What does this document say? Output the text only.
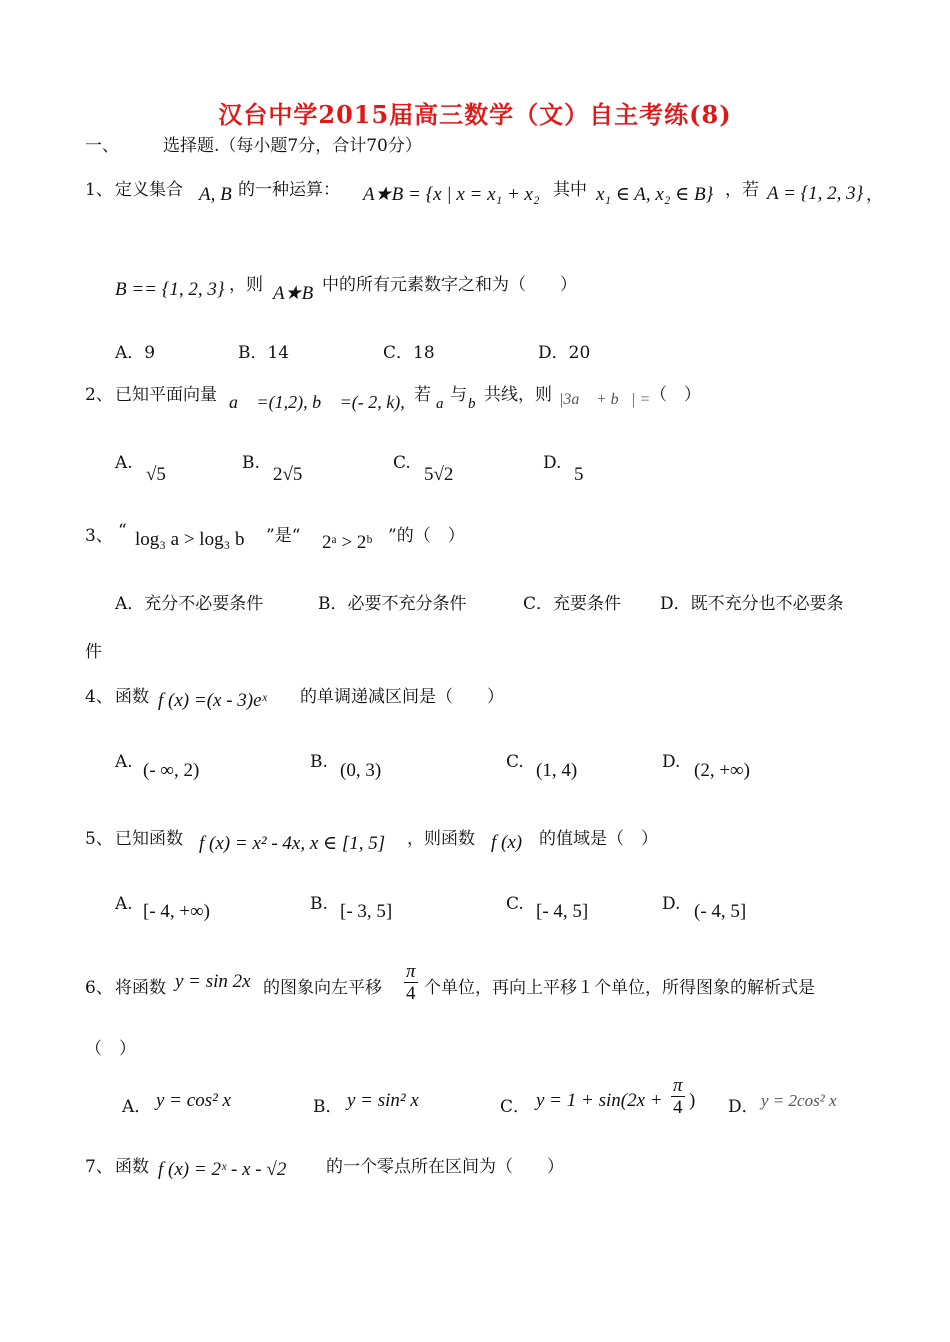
汉台中学2015届高三数学（文）自主考练(8)
一、	选择题.（每小题7分，合计70分）
1、 定义集合 A, B 的一种运算： A★B = {x | x = x₁ + x₂ 其中 x₁ ∈ A, x₂ ∈ B} ，若 A = {1, 2, 3} ，
B == {1, 2, 3} ，则 A★B 中的所有元素数字之和为（　　）
A．9	B．14	C．18	D．20
2、 已知平面向量 a⃗ =(1,2), b⃗ =(- 2, k), 若 a⃗
与 b⃗
共线，则 |3a⃗ + b⃗| = （　）
A.
√5
B.
2√5
C.
5√2
D.
5
3、 “ log₃ a > log₃ b ”是“ 2ᵃ > 2ᵇ ”的（　）
A．充分不必要条件	B．必要不充分条件	C．充要条件 D．既不充分也不必要条
件
4、 函数 f (x) =(x - 3)eˣ 的单调递减区间是（　　）
A. (- ∞, 2)	B. (0, 3)	C. (1, 4)	D. (2, +∞)
5、 已知函数 f (x) = x² - 4x, x ∈ [1, 5] ，则函数 f (x) 的值域是（　）
A. [- 4, +∞)	B. [- 3, 5]	C. [- 4, 5]	D. (- 4, 5]
6、 将函数 y = sin 2x 的图象向左平移 $\frac{\pi}{4}$ 个单位，再向上平移１个单位，所得图象的解析式是
（　）
A． y = cos² x	B． y = sin² x	C． $y = 1 + \sin(2x + \frac{\pi}{4}$ ) D． y = 2cos² x
7、 函数 f (x) = 2ˣ - x - √2 的一个零点所在区间为（　　）
